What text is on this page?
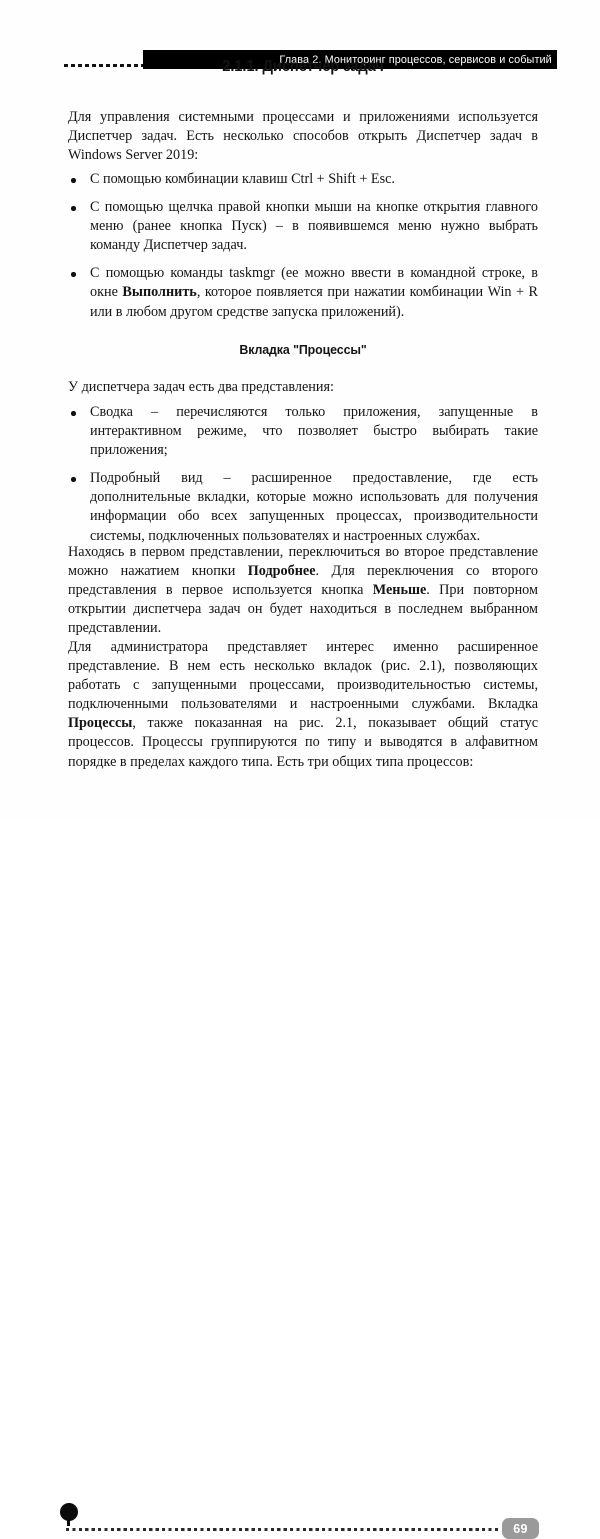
Глава 2. Мониторинг процессов, сервисов и событий
2.1.1. Диспетчер задач

Для управления системными процессами и приложениями используется Диспетчер задач. Есть несколько способов открыть Диспетчер задач в Windows Server 2019:

С помощью комбинации клавиш Ctrl + Shift + Esc.
С помощью щелчка правой кнопки мыши на кнопке открытия главного меню (ранее кнопка Пуск) – в появившемся меню нужно выбрать команду Диспетчер задач.
С помощью команды taskmgr (ее можно ввести в командной строке, в окне Выполнить, которое появляется при нажатии комбинации Win + R или в любом другом средстве запуска приложений).
Вкладка "Процессы"

У диспетчера задач есть два представления:

Сводка – перечисляются только приложения, запущенные в интерактивном режиме, что позволяет быстро выбирать такие приложения;
Подробный вид – расширенное предоставление, где есть дополнительные вкладки, которые можно использовать для получения информации обо всех запущенных процессах, производительности системы, подключенных пользователях и настроенных службах.

Находясь в первом представлении, переключиться во второе представление можно нажатием кнопки Подробнее. Для переключения со второго представления в первое используется кнопка Меньше. При повторном открытии диспетчера задач он будет находиться в последнем выбранном представлении.

Для администратора представляет интерес именно расширенное представление. В нем есть несколько вкладок (рис. 2.1), позволяющих работать с запущенными процессами, производительностью системы, подключенными пользователями и настроенными службами. Вкладка Процессы, также показанная на рис. 2.1, показывает общий статус процессов. Процессы группируются по типу и выводятся в алфавитном порядке в пределах каждого типа. Есть три общих типа процессов:

69
